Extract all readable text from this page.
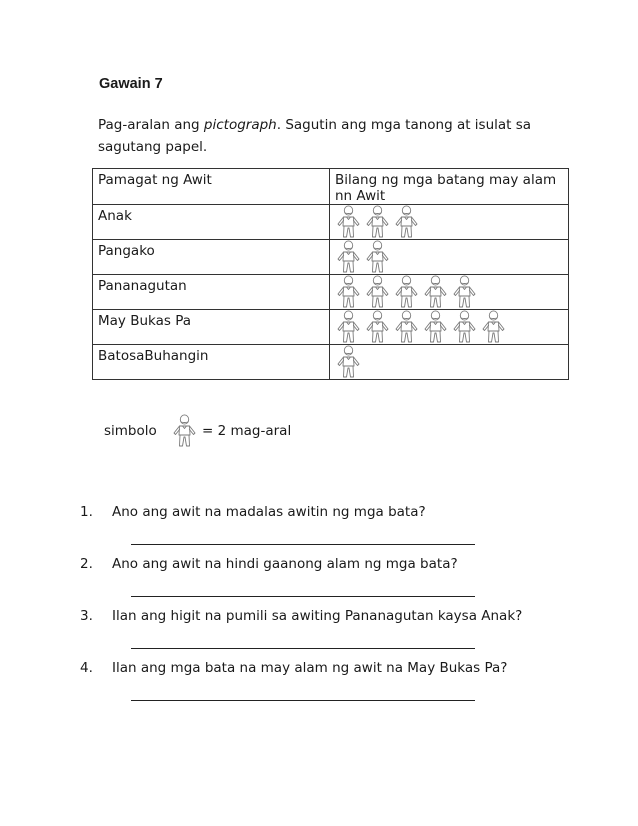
Gawain 7
Pag-aralan ang pictograph. Sagutin ang mga tanong at isulat sa sagutang papel.
Pamagat ng Awit	Bilang ng mga batang may alam nn Awit

Anak	

Pangako	

Pananagutan	

May Bukas Pa	

BatosaBuhangin	
simbolo	= 2 mag-aral
1. Ano ang awit na madalas awitin ng mga bata?
2. Ano ang awit na hindi gaanong alam ng mga bata?
3. Ilan ang higit na pumili sa awiting Pananagutan kaysa Anak?
4. Ilan ang mga bata na may alam ng awit na May Bukas Pa?
